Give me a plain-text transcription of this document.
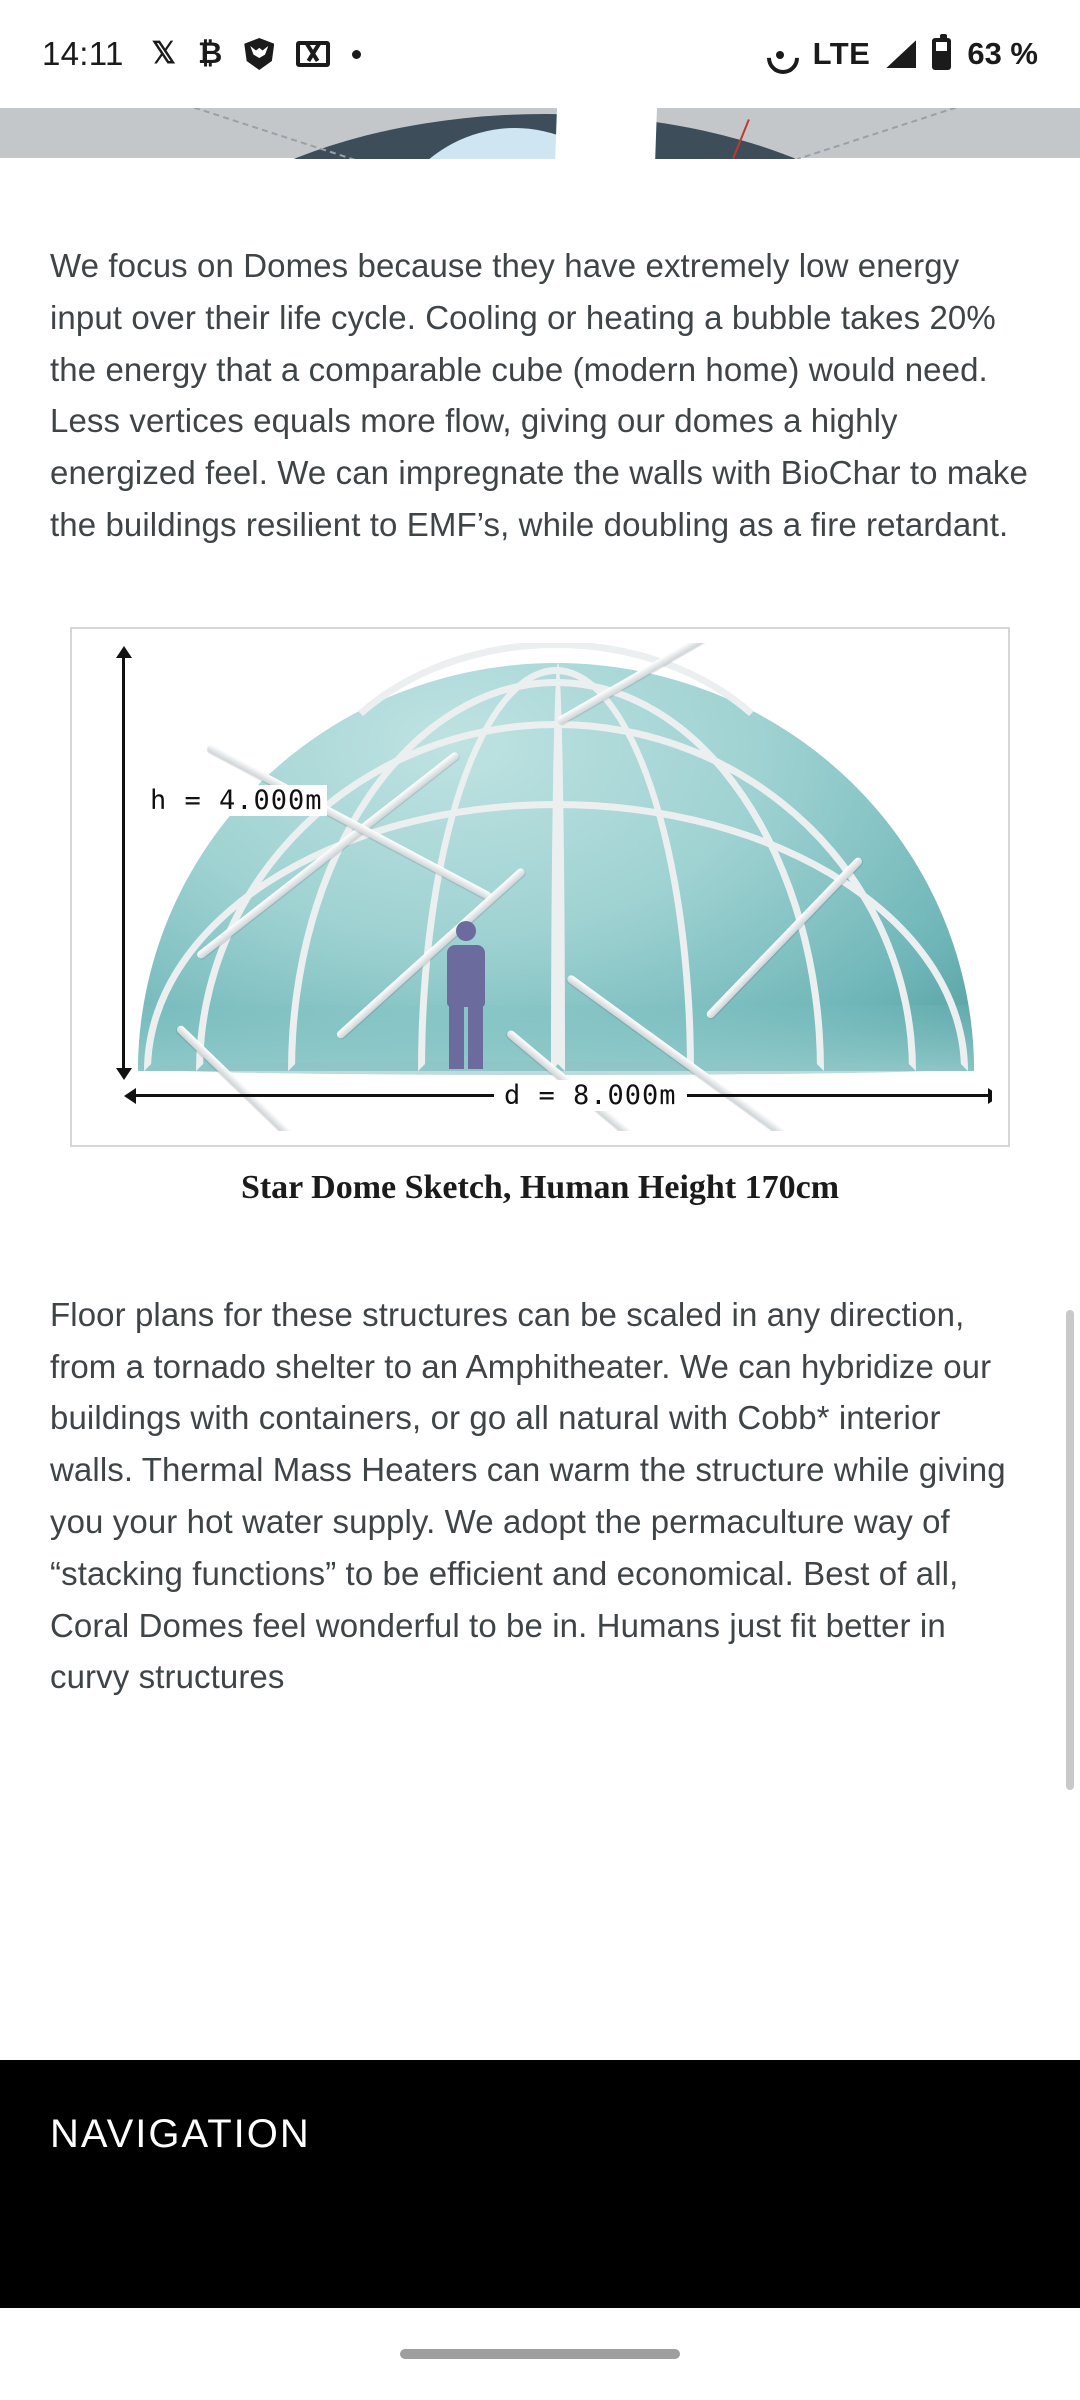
14:11 𝕏 ₿	LTE	63 %

We focus on Domes because they have extremely low energy input over their life cycle. Cooling or heating a bubble takes 20% the energy that a comparable cube (modern home) would need. Less vertices equals more flow, giving our domes a highly energized feel. We can impregnate the walls with BioChar to make the buildings resilient to EMF’s, while doubling as a fire retardant.

h = 4.000m
d = 8.000m
Star Dome Sketch, Human Height 170cm

Floor plans for these structures can be scaled in any direction, from a tornado shelter to an Amphitheater. We can hybridize our buildings with containers, or go all natural with Cobb* interior walls. Thermal Mass Heaters can warm the structure while giving you your hot water supply. We adopt the permaculture way of “stacking functions” to be efficient and economical. Best of all, Coral Domes feel wonderful to be in. Humans just fit better in curvy structures

NAVIGATION
